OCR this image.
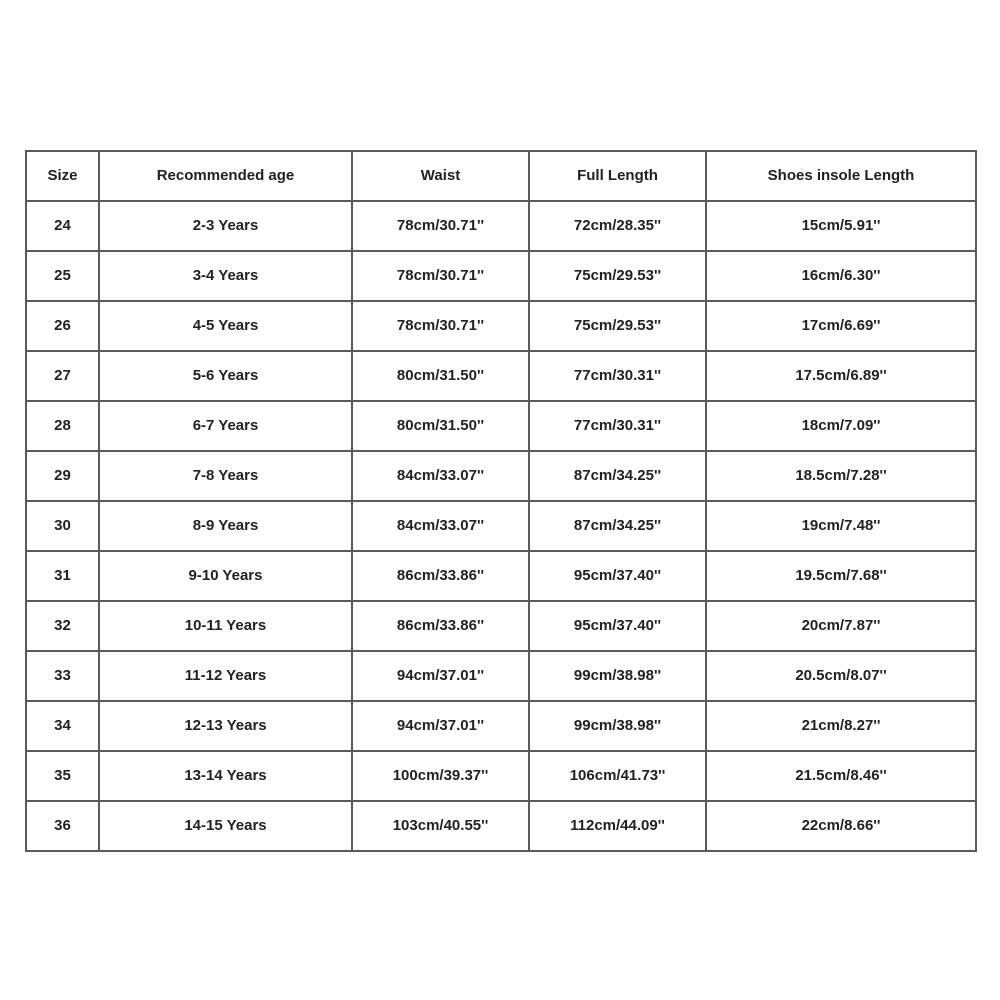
Size	Recommended age	Waist	Full Length	Shoes insole Length
24	2-3 Years	78cm/30.71''	72cm/28.35''	15cm/5.91''
25	3-4 Years	78cm/30.71''	75cm/29.53''	16cm/6.30''
26	4-5 Years	78cm/30.71''	75cm/29.53''	17cm/6.69''
27	5-6 Years	80cm/31.50''	77cm/30.31''	17.5cm/6.89''
28	6-7 Years	80cm/31.50''	77cm/30.31''	18cm/7.09''
29	7-8 Years	84cm/33.07''	87cm/34.25''	18.5cm/7.28''
30	8-9 Years	84cm/33.07''	87cm/34.25''	19cm/7.48''
31	9-10 Years	86cm/33.86''	95cm/37.40''	19.5cm/7.68''
32	10-11 Years	86cm/33.86''	95cm/37.40''	20cm/7.87''
33	11-12 Years	94cm/37.01''	99cm/38.98''	20.5cm/8.07''
34	12-13 Years	94cm/37.01''	99cm/38.98''	21cm/8.27''
35	13-14 Years	100cm/39.37''	106cm/41.73''	21.5cm/8.46''
36	14-15 Years	103cm/40.55''	112cm/44.09''	22cm/8.66''
